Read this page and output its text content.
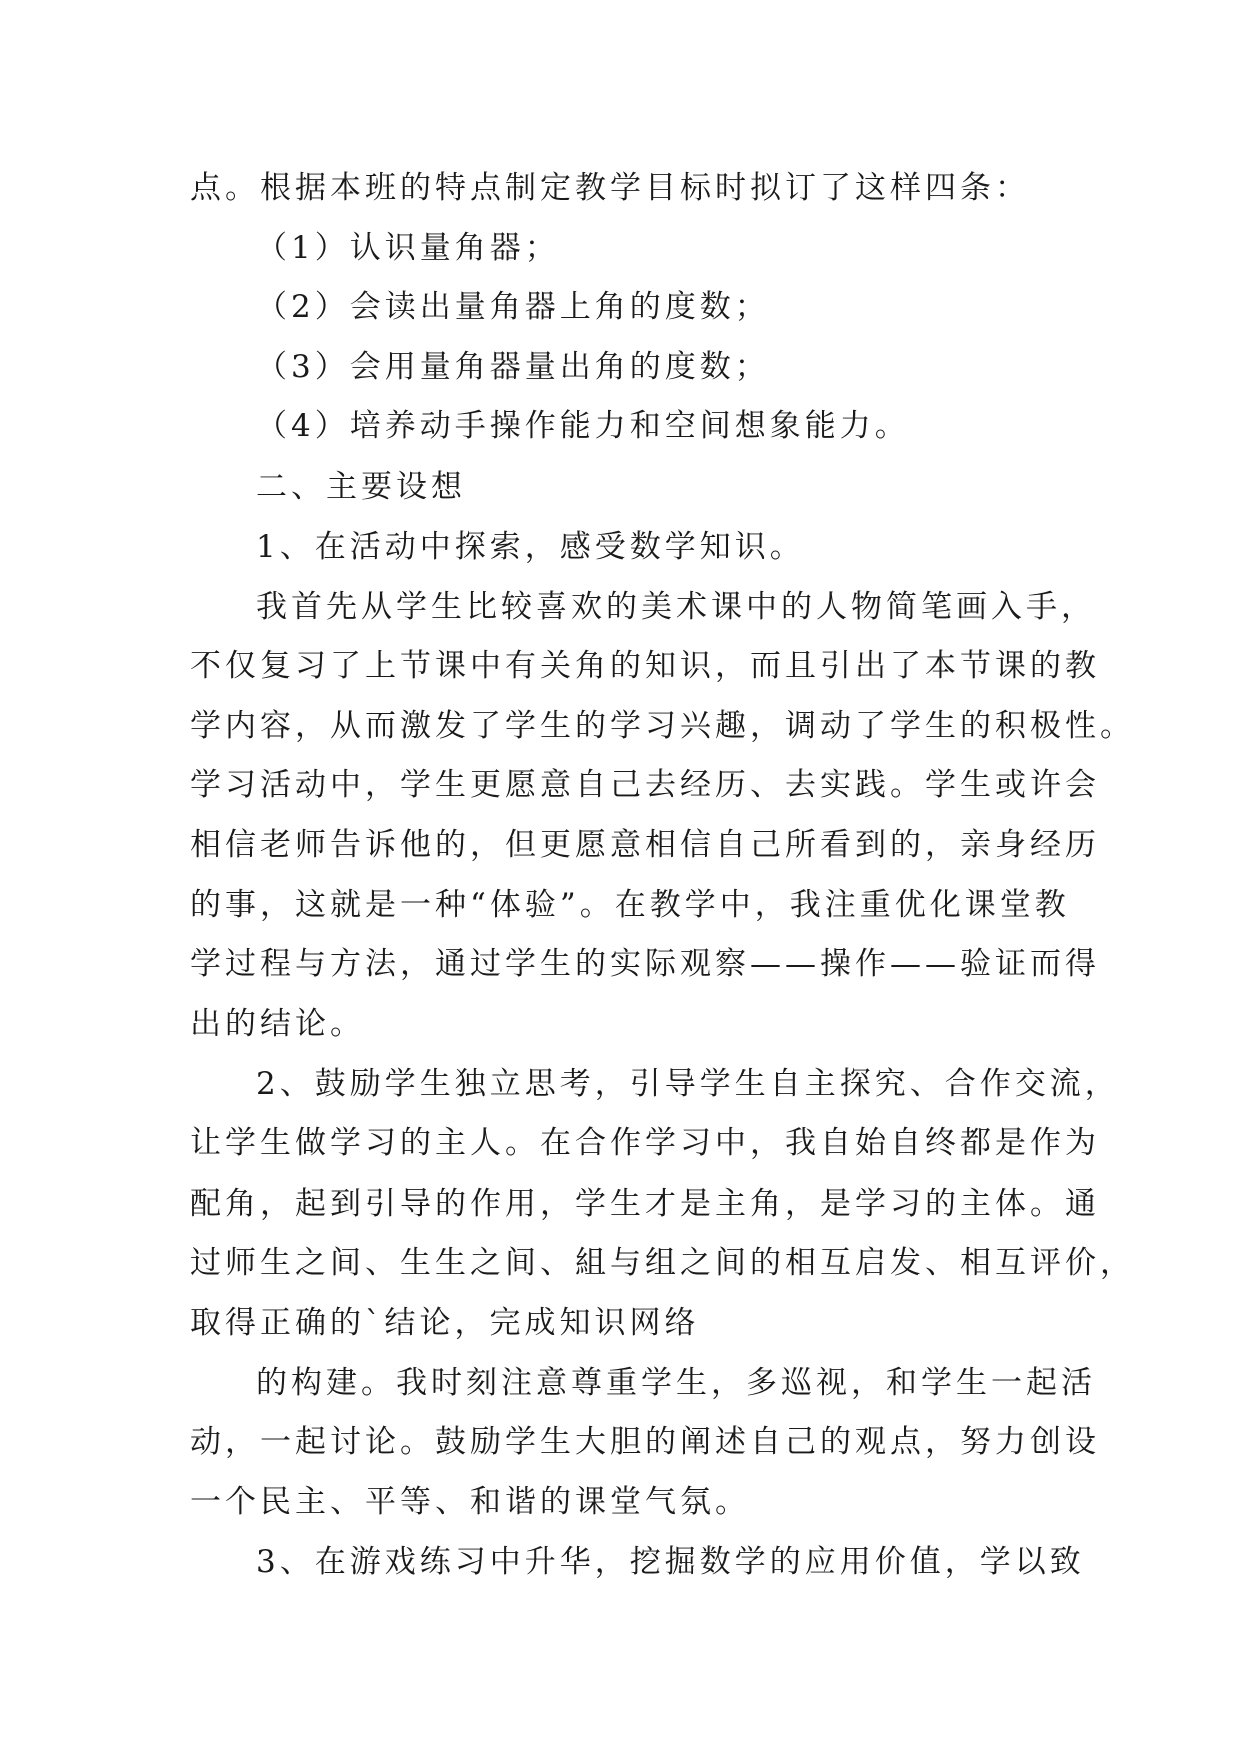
点。根据本班的特点制定教学目标时拟订了这样四条：
（1）认识量角器；
（2）会读出量角器上角的度数；
（3）会用量角器量出角的度数；
（4）培养动手操作能力和空间想象能力。
二、主要设想
1、在活动中探索，感受数学知识。
我首先从学生比较喜欢的美术课中的人物简笔画入手，
不仅复习了上节课中有关角的知识，而且引出了本节课的教
学内容，从而激发了学生的学习兴趣，调动了学生的积极性。
学习活动中，学生更愿意自己去经历、去实践。学生或许会
相信老师告诉他的，但更愿意相信自己所看到的，亲身经历
的事，这就是一种“体验”。在教学中，我注重优化课堂教
学过程与方法，通过学生的实际观察——操作——验证而得
出的结论。
2、鼓励学生独立思考，引导学生自主探究、合作交流，
让学生做学习的主人。在合作学习中，我自始自终都是作为
配角，起到引导的作用，学生才是主角，是学习的主体。通
过师生之间、生生之间、組与组之间的相互启发、相互评价，
取得正确的`结论，完成知识网络
的构建。我时刻注意尊重学生，多巡视，和学生一起活
动，一起讨论。鼓励学生大胆的阐述自己的观点，努力创设
一个民主、平等、和谐的课堂气氛。
3、在游戏练习中升华，挖掘数学的应用价值，学以致
